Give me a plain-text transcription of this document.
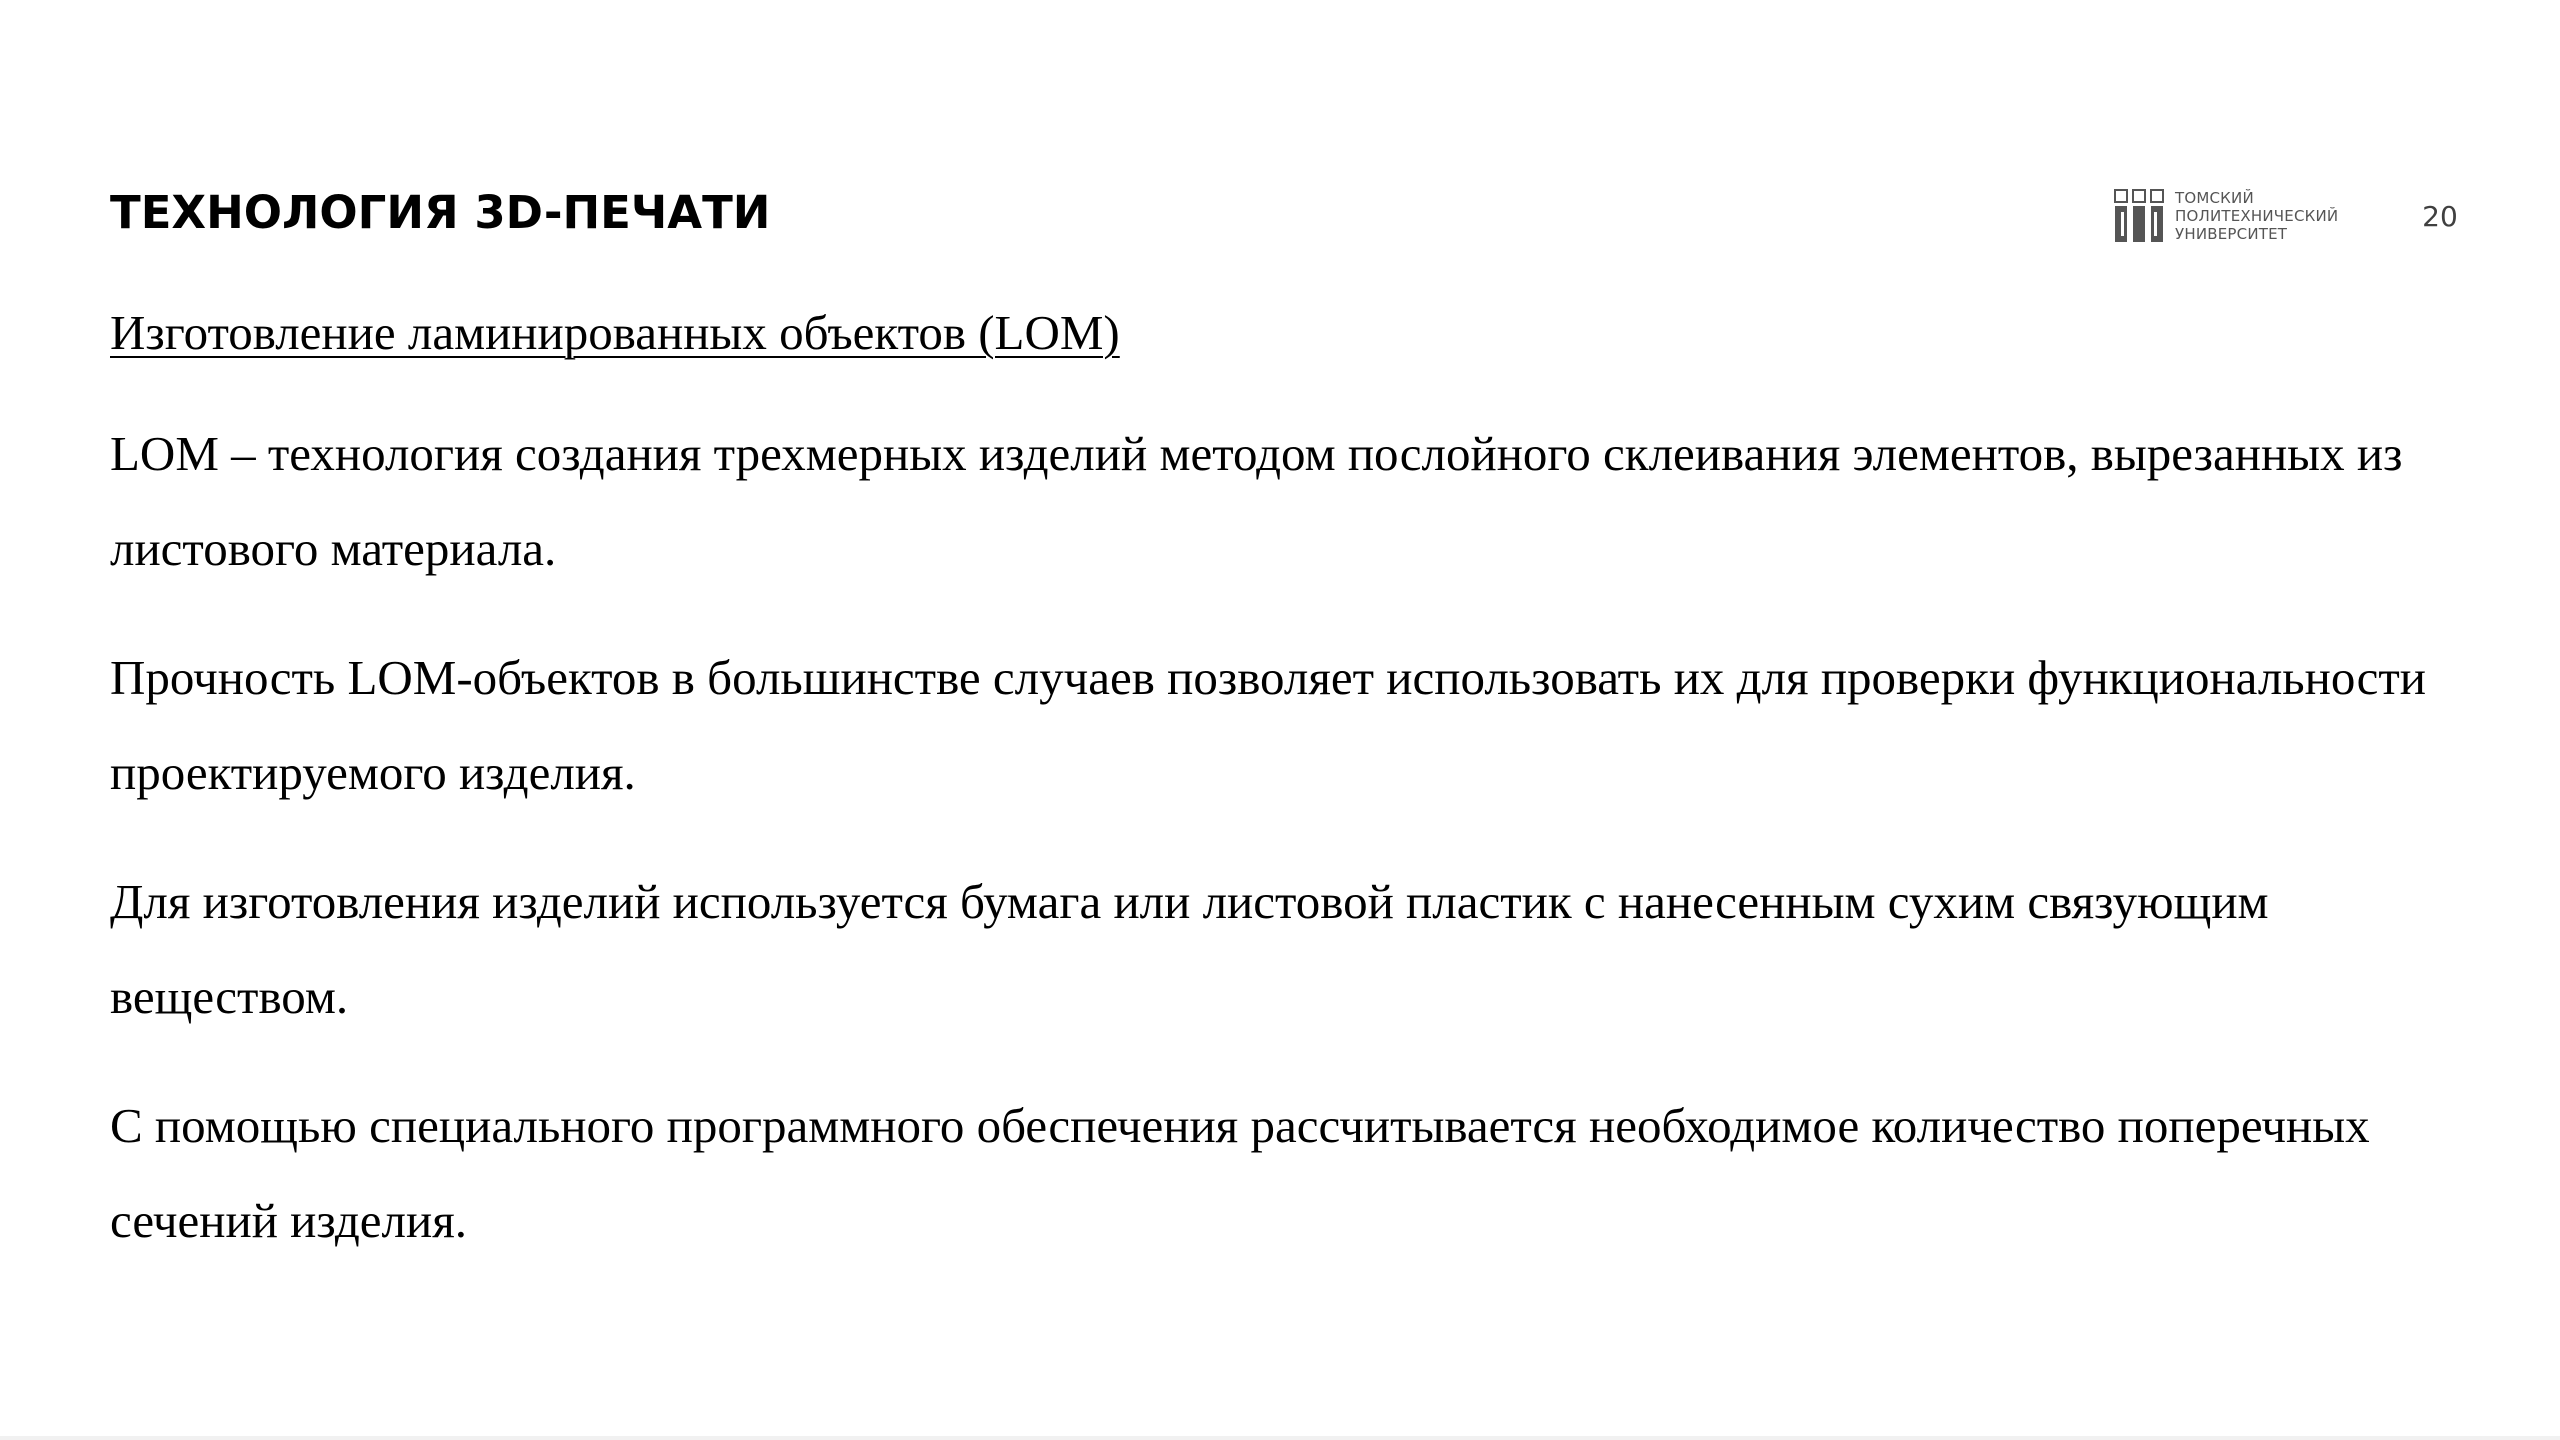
ТЕХНОЛОГИЯ 3D-ПЕЧАТИ	ТОМСКИЙ
ПОЛИТЕХНИЧЕСКИЙ
УНИВЕРСИТЕТ
20

Изготовление ламинированных объектов (LOM)

LOM – технология создания трехмерных изделий методом послойного склеивания элементов, вырезанных из листового материала.

Прочность LOM-объектов в большинстве случаев позволяет использовать их для проверки функциональности проектируемого изделия.

Для изготовления изделий используется бумага или листовой пластик с нанесенным сухим связующим веществом.

С помощью специального программного обеспечения рассчитывается необходимое количество поперечных сечений изделия.
